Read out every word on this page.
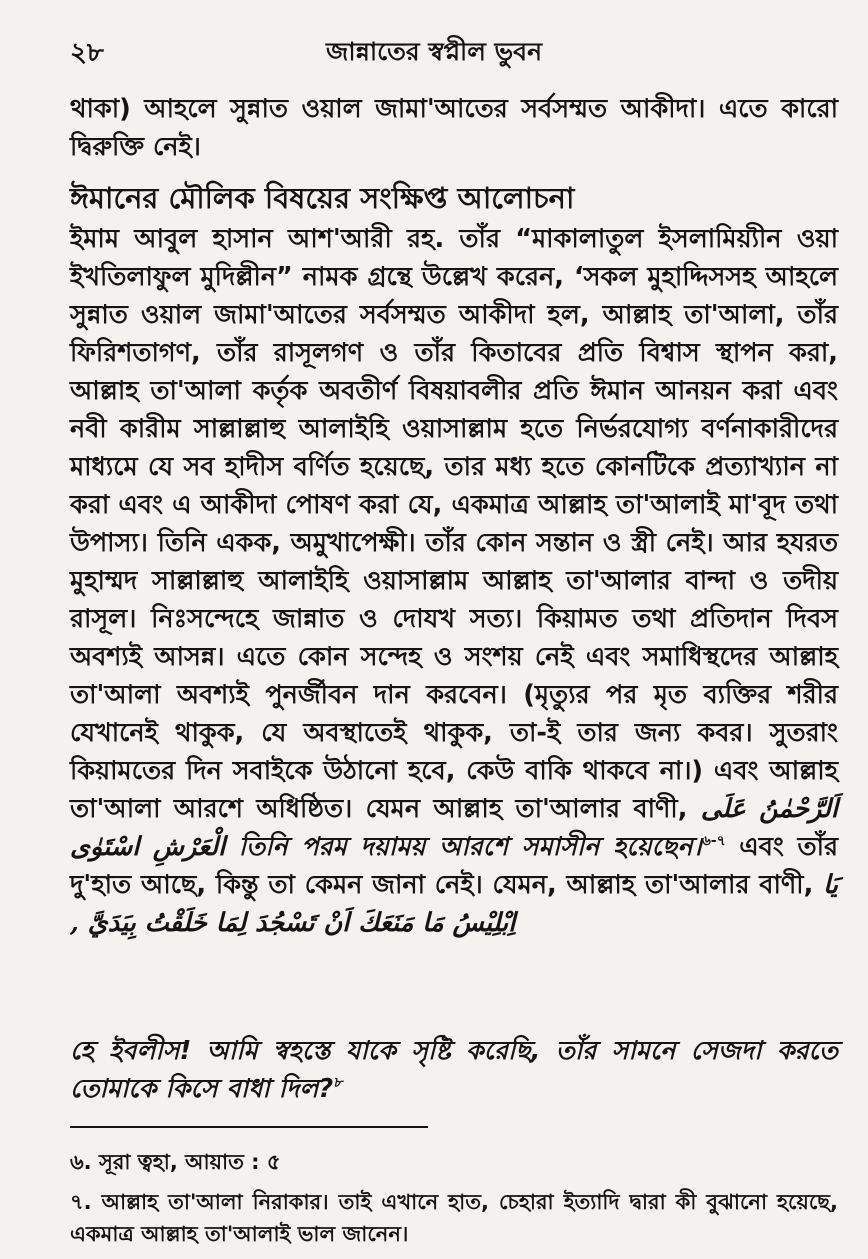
২৮	জান্নাতের স্বপ্নীল ভুবন

থাকা) আহলে সুন্নাত ওয়াল জামা'আতের সর্বসম্মত আকীদা। এতে কারো দ্বিরুক্তি নেই।

ঈমানের মৌলিক বিষয়ের সংক্ষিপ্ত আলোচনা

ইমাম আবুল হাসান আশ'আরী রহ. তাঁর “মাকালাতুল ইসলামিয়্যীন ওয়া ইখতিলাফুল মুদিল্লীন” নামক গ্রন্থে উল্লেখ করেন, ‘সকল মুহাদ্দিসসহ আহলে সুন্নাত ওয়াল জামা'আতের সর্বসম্মত আকীদা হল, আল্লাহ তা'আলা, তাঁর ফিরিশতাগণ, তাঁর রাসূলগণ ও তাঁর কিতাবের প্রতি বিশ্বাস স্থাপন করা, আল্লাহ তা'আলা কর্তৃক অবতীর্ণ বিষয়াবলীর প্রতি ঈমান আনয়ন করা এবং নবী কারীম সাল্লাল্লাহু আলাইহি ওয়াসাল্লাম হতে নির্ভরযোগ্য বর্ণনাকারীদের মাধ্যমে যে সব হাদীস বর্ণিত হয়েছে, তার মধ্য হতে কোনটিকে প্রত্যাখ্যান না করা এবং এ আকীদা পোষণ করা যে, একমাত্র আল্লাহ তা'আলাই মা'বূদ তথা উপাস্য। তিনি একক, অমুখাপেক্ষী। তাঁর কোন সন্তান ও স্ত্রী নেই। আর হযরত মুহাম্মদ সাল্লাল্লাহু আলাইহি ওয়াসাল্লাম আল্লাহ তা'আলার বান্দা ও তদীয় রাসূল। নিঃসন্দেহে জান্নাত ও দোযখ সত্য। কিয়ামত তথা প্রতিদান দিবস অবশ্যই আসন্ন। এতে কোন সন্দেহ ও সংশয় নেই এবং সমাধিস্থদের আল্লাহ তা'আলা অবশ্যই পুনর্জীবন দান করবেন। (মৃত্যুর পর মৃত ব্যক্তির শরীর যেখানেই থাকুক, যে অবস্থাতেই থাকুক, তা-ই তার জন্য কবর। সুতরাং কিয়ামতের দিন সবাইকে উঠানো হবে, কেউ বাকি থাকবে না।) এবং আল্লাহ তা'আলা আরশে অধিষ্ঠিত। যেমন আল্লাহ তা'আলার বাণী, اَلرَّحْمٰنُ عَلَى الْعَرْشِ اسْتَوٰى তিনি পরম দয়াময় আরশে সমাসীন হয়েছেন।$^{৬-৭}$ এবং তাঁর দু'হাত আছে, কিন্তু তা কেমন জানা নেই। যেমন, আল্লাহ তা'আলার বাণী, يَا اِبْلِيْسُ مَا مَنَعَكَ اَنْ تَسْجُدَ لِمَا خَلَقْتُ بِيَدَيَّ ,

হে ইবলীস! আমি স্বহস্তে যাকে সৃষ্টি করেছি, তাঁর সামনে সেজদা করতে তোমাকে কিসে বাধা দিল?$^৮$

৬. সূরা ত্বহা, আয়াত : ৫

৭. আল্লাহ তা'আলা নিরাকার। তাই এখানে হাত, চেহারা ইত্যাদি দ্বারা কী বুঝানো হয়েছে, একমাত্র আল্লাহ তা'আলাই ভাল জানেন।
